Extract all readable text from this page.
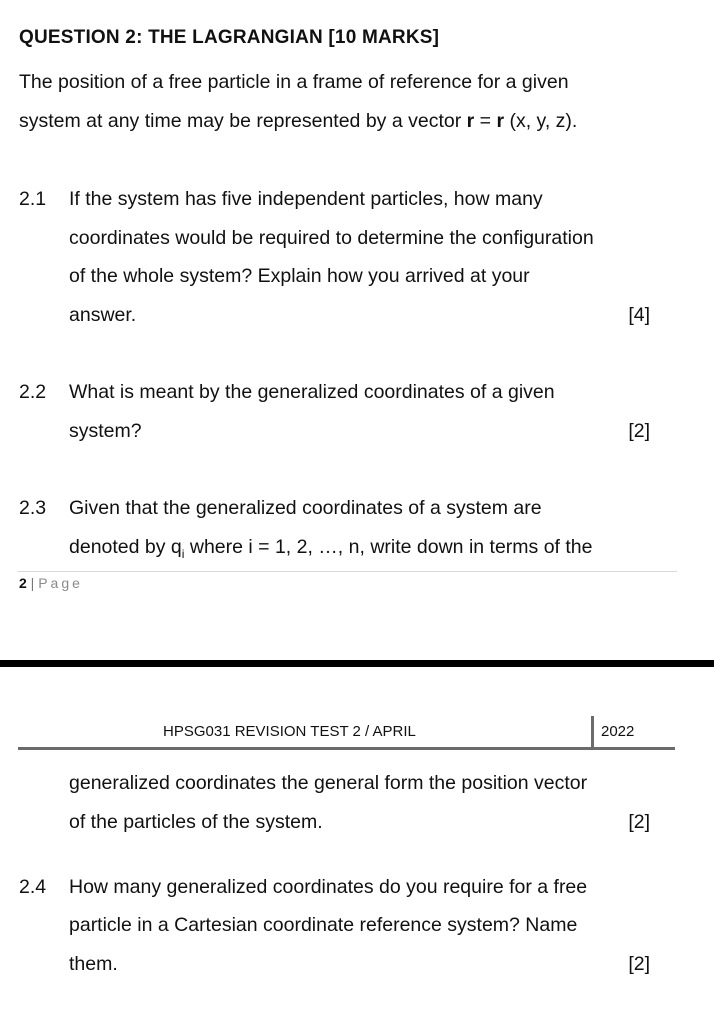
QUESTION 2: THE LAGRANGIAN [10 MARKS]
The position of a free particle in a frame of reference for a given
system at any time may be represented by a vector r = r (x, y, z).
2.1 If the system has five independent particles, how many
coordinates would be required to determine the configuration
of the whole system? Explain how you arrived at your
answer.	[4]
2.2 What is meant by the generalized coordinates of a given
system?	[2]
2.3 Given that the generalized coordinates of a system are
denoted by $q_i$ where i = 1, 2, …, n, write down in terms of the
2 | Page
HPSG031 REVISION TEST 2 / APRIL	2022
generalized coordinates the general form the position vector
of the particles of the system.	[2]
2.4 How many generalized coordinates do you require for a free
particle in a Cartesian coordinate reference system? Name
them.	[2]
